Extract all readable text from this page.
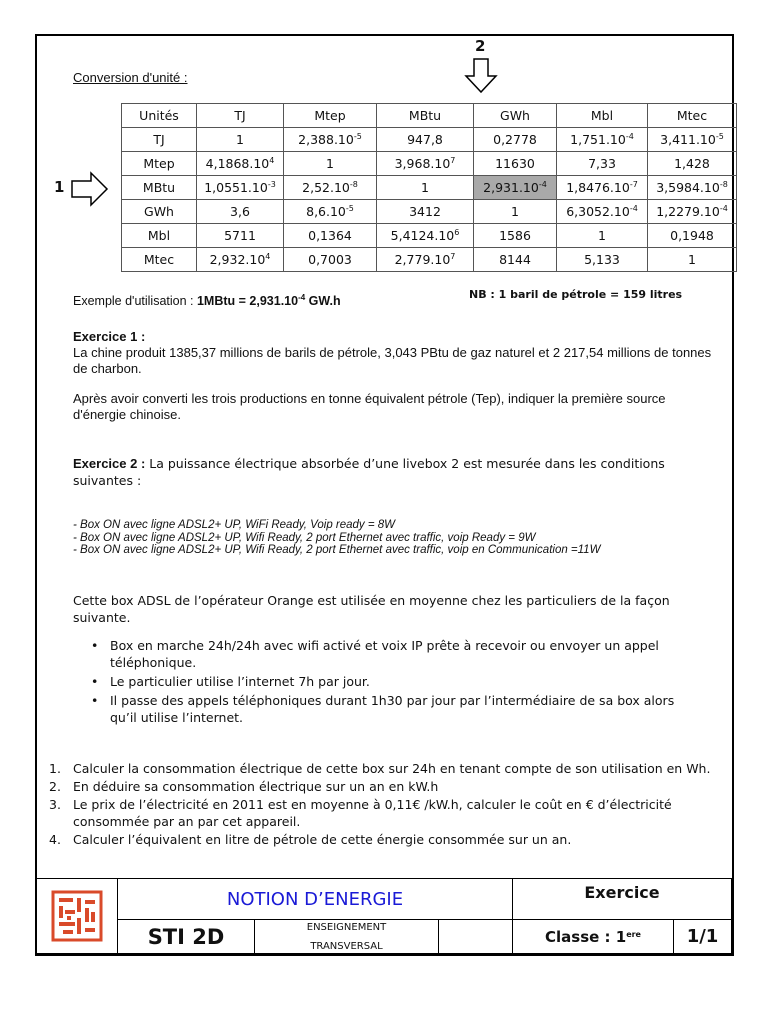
2
1
Conversion d'unité :
Unités	TJ	Mtep	MBtu	GWh	Mbl	Mtec
TJ	1	$2,388.10^{-5}$	947,8	0,2778	$1,751.10^{-4}$	$3,411.10^{-5}$
Mtep	4,1868.10$^4$	1	3,968.10$^7$	11630	7,33	1,428
MBtu	$1,0551.10^{-3}$	$2,52.10^{-8}$	1	$2,931.10^{-4}$	$1,8476.10^{-7}$	$3,5984.10^{-8}$
GWh	3,6	$8,6.10^{-5}$	3412	1	$6,3052.10^{-4}$	$1,2279.10^{-4}$
Mbl	5711	0,1364	5,4124.10$^6$	1586	1	0,1948
Mtec	2,932.10$^4$	0,7003	2,779.10$^7$	8144	5,133	1
Exemple d'utilisation : 1MBtu = $2,931.10^{-4}$ GW.h	NB : 1 baril de pétrole = 159 litres
Exercice 1 :
La chine produit 1385,37 millions de barils de pétrole, 3,043 PBtu de gaz naturel et 2 217,54 millions de tonnes de charbon.
Après avoir converti les trois productions en tonne équivalent pétrole (Tep), indiquer la première source d'énergie chinoise.
Exercice 2 : La puissance électrique absorbée d’une livebox 2 est mesurée dans les conditions suivantes :
- Box ON avec ligne ADSL2+ UP, WiFi Ready, Voip ready = 8W
- Box ON avec ligne ADSL2+ UP, Wifi Ready, 2 port Ethernet avec traffic, voip Ready = 9W
- Box ON avec ligne ADSL2+ UP, Wifi Ready, 2 port Ethernet avec traffic, voip en Communication =11W
Cette box ADSL de l’opérateur Orange est utilisée en moyenne chez les particuliers de la façon suivante.
• Box en marche 24h/24h avec wifi activé et voix IP prête à recevoir ou envoyer un appel téléphonique.
• Le particulier utilise l’internet 7h par jour.
• Il passe des appels téléphoniques durant 1h30 par jour par l’intermédiaire de sa box alors qu’il utilise l’internet.
1. Calculer la consommation électrique de cette box sur 24h en tenant compte de son utilisation en Wh.
2. En déduire sa consommation électrique sur un an en kW.h
3. Le prix de l’électricité en 2011 est en moyenne à 0,11€ /kW.h, calculer le coût en € d’électricité consommée par an par cet appareil.
4. Calculer l’équivalent en litre de pétrole de cette énergie consommée sur un an.
NOTION D’ENERGIE	Exercice
STI 2D	ENSEIGNEMENT TRANSVERSAL
Classe : 1ere	1/1
